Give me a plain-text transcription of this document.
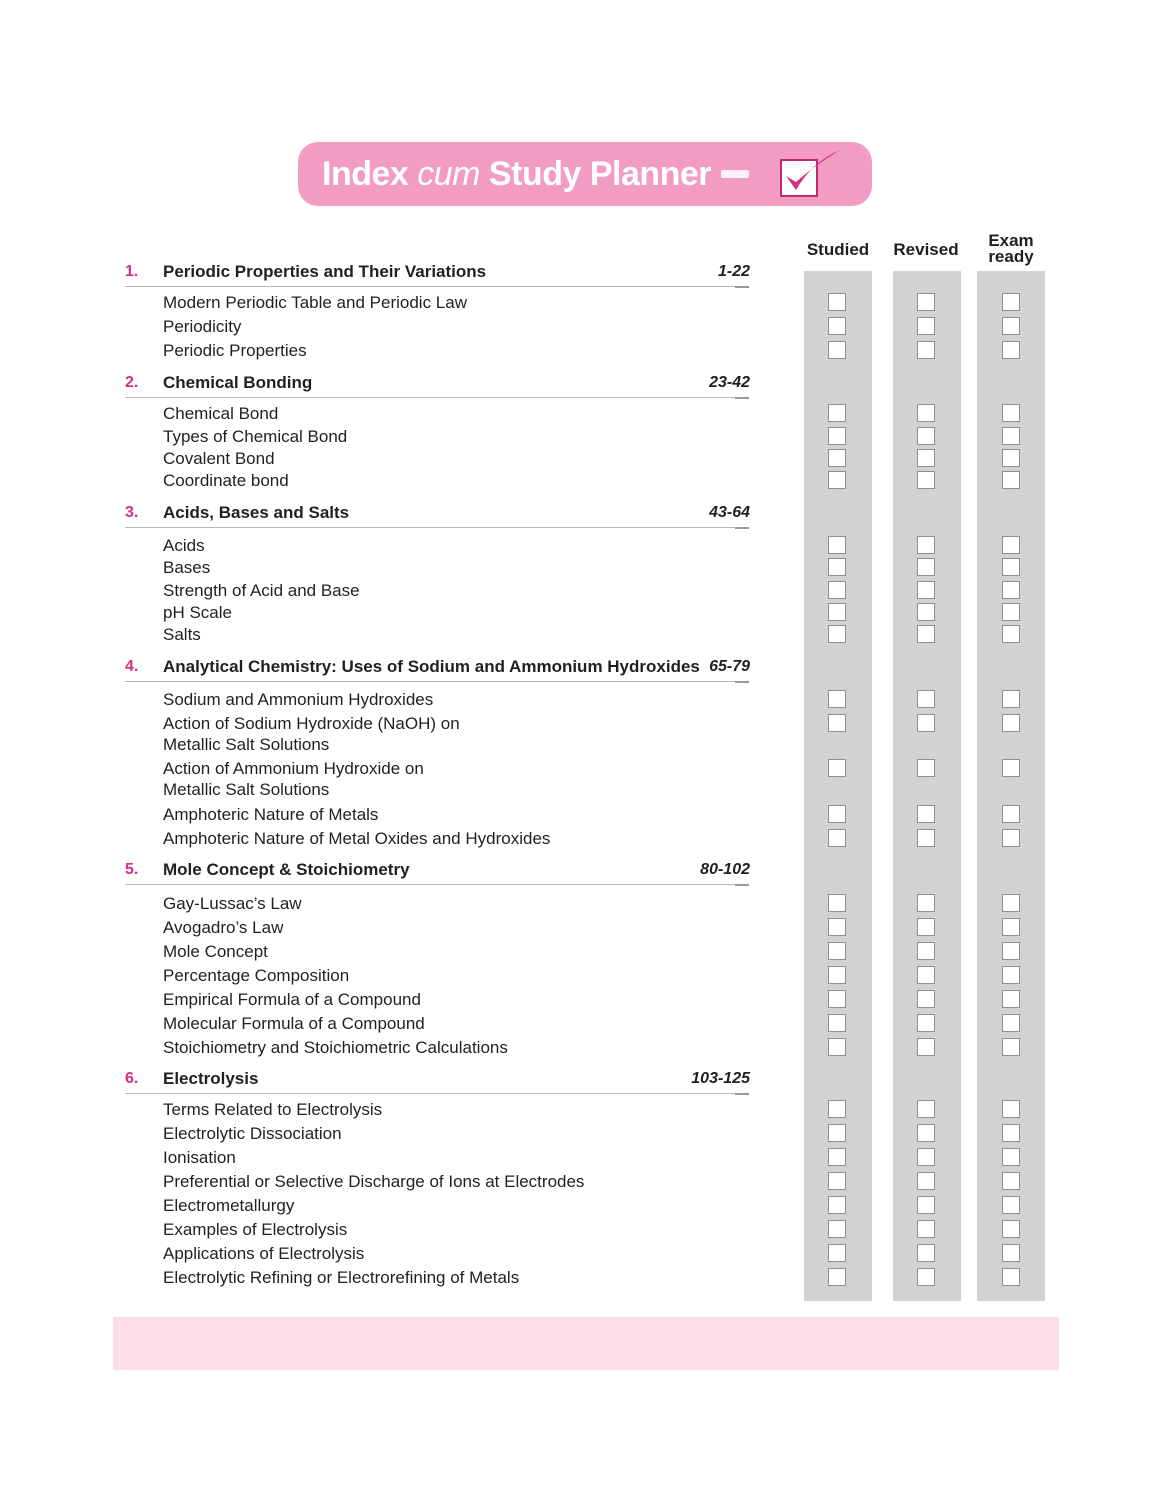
Index cum Study Planner
Studied	Revised	Exam ready
1. Periodic Properties and Their Variations	1-22
Modern Periodic Table and Periodic Law
Periodicity
Periodic Properties
2. Chemical Bonding	23-42
Chemical Bond
Types of Chemical Bond
Covalent Bond
Coordinate bond
3. Acids, Bases and Salts	43-64
Acids
Bases
Strength of Acid and Base
pH Scale
Salts
4. Analytical Chemistry: Uses of Sodium and Ammonium Hydroxides 65-79
Sodium and Ammonium Hydroxides
Action of Sodium Hydroxide (NaOH) on
Metallic Salt Solutions
Action of Ammonium Hydroxide on
Metallic Salt Solutions
Amphoteric Nature of Metals
Amphoteric Nature of Metal Oxides and Hydroxides
5. Mole Concept & Stoichiometry	80-102
Gay-Lussac’s Law
Avogadro’s Law
Mole Concept
Percentage Composition
Empirical Formula of a Compound
Molecular Formula of a Compound
Stoichiometry and Stoichiometric Calculations
6. Electrolysis	103-125
Terms Related to Electrolysis
Electrolytic Dissociation
Ionisation
Preferential or Selective Discharge of Ions at Electrodes
Electrometallurgy
Examples of Electrolysis
Applications of Electrolysis
Electrolytic Refining or Electrorefining of Metals
